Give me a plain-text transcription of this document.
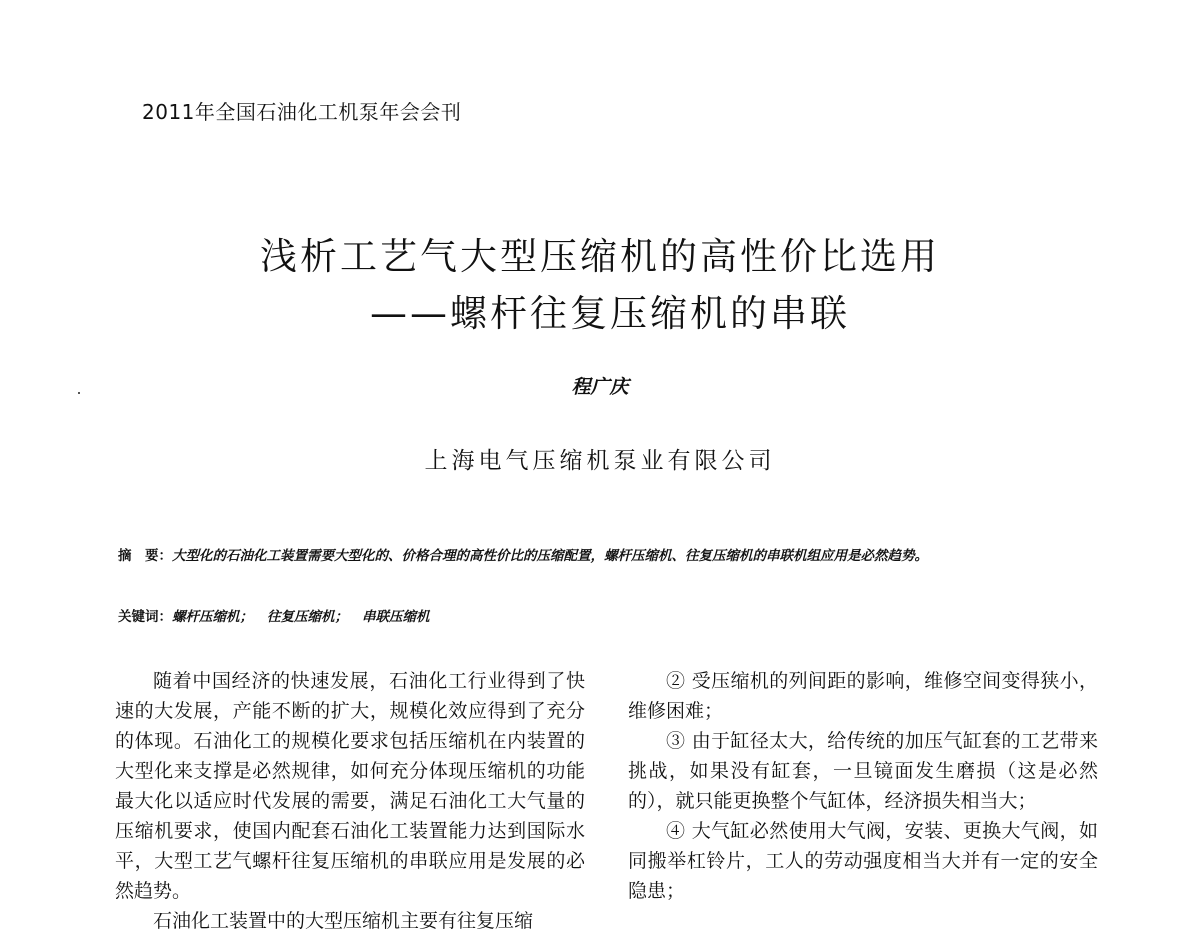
2011年全国石油化工机泵年会会刊
浅析工艺气大型压缩机的高性价比选用
——螺杆往复压缩机的串联
程广庆
上海电气压缩机泵业有限公司
摘　要：大型化的石油化工装置需要大型化的、价格合理的高性价比的压缩配置，螺杆压缩机、往复压缩机的串联机组应用是必然趋势。
关键词：螺杆压缩机； 往复压缩机； 串联压缩机

随着中国经济的快速发展，石油化工行业得到了快速的大发展，产能不断的扩大，规模化效应得到了充分的体现。石油化工的规模化要求包括压缩机在内装置的大型化来支撑是必然规律，如何充分体现压缩机的功能最大化以适应时代发展的需要，满足石油化工大气量的压缩机要求，使国内配套石油化工装置能力达到国际水平，大型工艺气螺杆往复压缩机的串联应用是发展的必然趋势。

石油化工装置中的大型压缩机主要有往复压缩

② 受压缩机的列间距的影响，维修空间变得狭小，维修困难；

③ 由于缸径太大，给传统的加压气缸套的工艺带来挑战，如果没有缸套，一旦镜面发生磨损（这是必然的），就只能更换整个气缸体，经济损失相当大；

④ 大气缸必然使用大气阀，安装、更换大气阀，如同搬举杠铃片，工人的劳动强度相当大并有一定的安全隐患；
